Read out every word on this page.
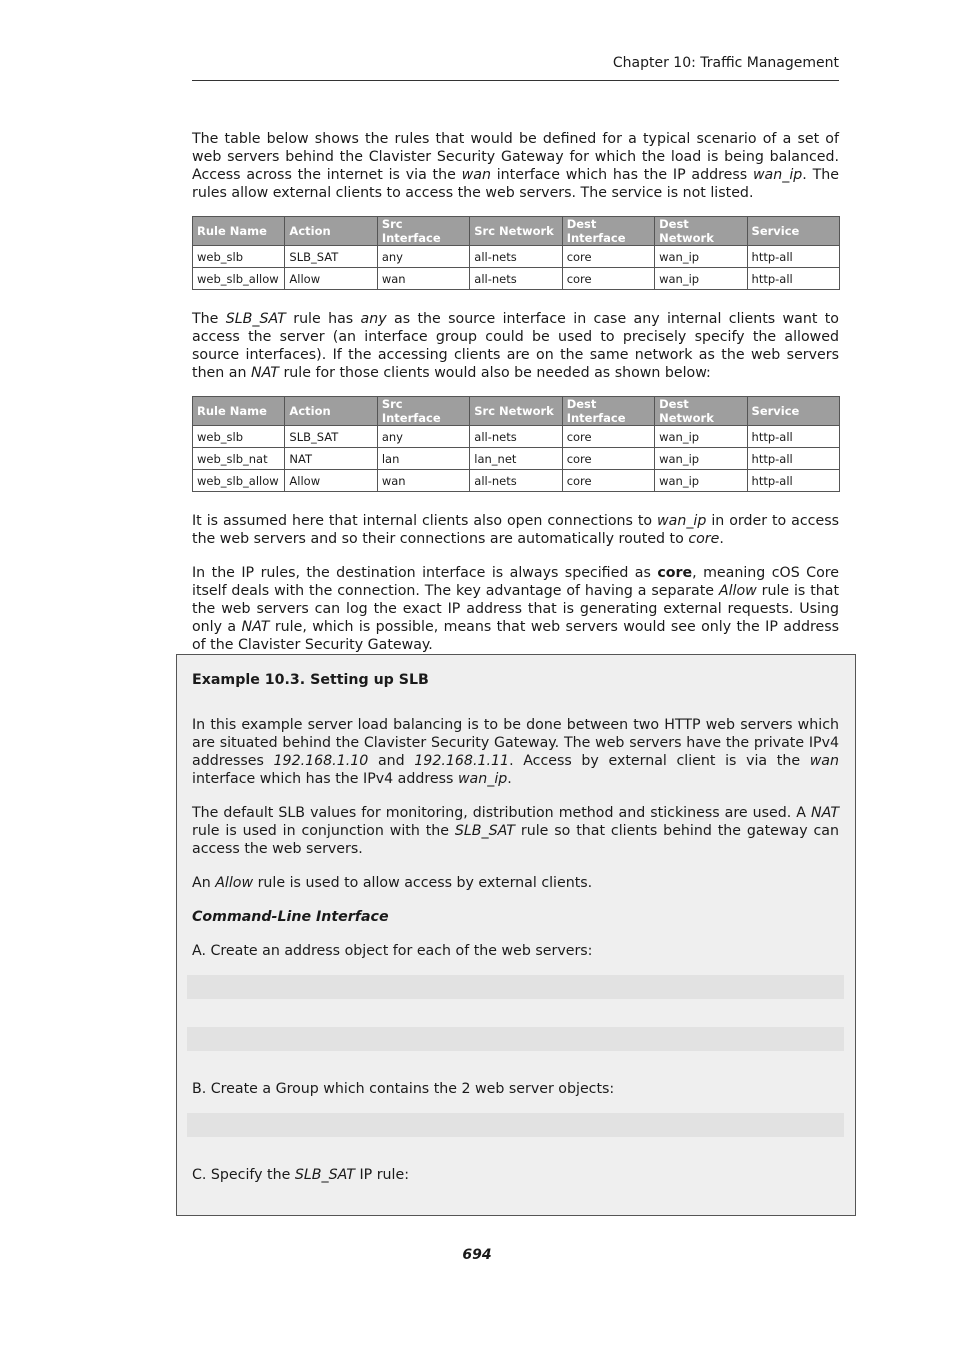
Chapter 10: Traffic Management

The table below shows the rules that would be defined for a typical scenario of a set of web servers behind the Clavister Security Gateway for which the load is being balanced. Access across the internet is via the wan interface which has the IP address wan_ip. The rules allow external clients to access the web servers. The service is not listed.

Rule Name	Action	Src Interface	Src Network	Dest Interface	Dest Network	Service
web_slb	SLB_SAT	any	all-nets	core	wan_ip	http-all
web_slb_allow	Allow	wan	all-nets	core	wan_ip	http-all

The SLB_SAT rule has any as the source interface in case any internal clients want to access the server (an interface group could be used to precisely specify the allowed source interfaces). If the accessing clients are on the same network as the web servers then an NAT rule for those clients would also be needed as shown below:

Rule Name	Action	Src Interface	Src Network	Dest Interface	Dest Network	Service
web_slb	SLB_SAT	any	all-nets	core	wan_ip	http-all
web_slb_nat	NAT	lan	lan_net	core	wan_ip	http-all
web_slb_allow	Allow	wan	all-nets	core	wan_ip	http-all

It is assumed here that internal clients also open connections to wan_ip in order to access the web servers and so their connections are automatically routed to core.

In the IP rules, the destination interface is always specified as core, meaning cOS Core itself deals with the connection. The key advantage of having a separate Allow rule is that the web servers can log the exact IP address that is generating external requests. Using only a NAT rule, which is possible, means that web servers would see only the IP address of the Clavister Security Gateway.

Example 10.3. Setting up SLB

In this example server load balancing is to be done between two HTTP web servers which are situated behind the Clavister Security Gateway. The web servers have the private IPv4 addresses 192.168.1.10 and 192.168.1.11. Access by external client is via the wan interface which has the IPv4 address wan_ip.

The default SLB values for monitoring, distribution method and stickiness are used. A NAT rule is used in conjunction with the SLB_SAT rule so that clients behind the gateway can access the web servers.

An Allow rule is used to allow access by external clients.

Command-Line Interface

A. Create an address object for each of the web servers:

B. Create a Group which contains the 2 web server objects:

C. Specify the SLB_SAT IP rule:

694
